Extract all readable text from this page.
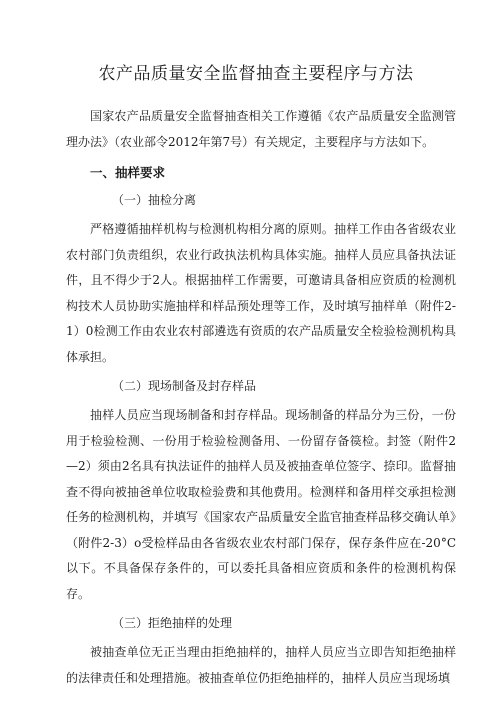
农产品质量安全监督抽查主要程序与方法

国家农产品质量安全监督抽查相关工作遵循《农产品质量安全监测管理办法》（农业部令2012年第7号）有关规定，主要程序与方法如下。

一、抽样要求
（一）抽检分离

严格遵循抽样机构与检测机构相分离的原则。抽样工作由各省级农业农村部门负责组织，农业行政执法机构具体实施。抽样人员应具备执法证件，且不得少于2人。根据抽样工作需要，可邀请具备相应资质的检测机构技术人员协助实施抽样和样品预处理等工作，及时填写抽样单（附件2-1）0检测工作由农业农村部遴选有资质的农产品质量安全检验检测机构具体承担。

（二）现场制备及封存样品

抽样人员应当现场制备和封存样品。现场制备的样品分为三份，一份用于检验检测、一份用于检验检测备用、一份留存备篌检。封签（附件2—2）须由2名具有执法证件的抽样人员及被抽查单位签字、捺印。监督抽查不得向被抽爸单位收取检验费和其他费用。检测样和备用样交承担检测任务的检测机构，并填写《国家农产品质量安全监官抽查样品移交确认单》（附件2-3）o受检样品由各省级农业农村部门保存，保存条件应在-20°C以下。不具备保存条件的，可以委托具备相应资质和条件的检测机构保存。

（三）拒绝抽样的处理

被抽查单位无正当理由拒绝抽样的，抽样人员应当立即告知拒绝抽样的法律责任和处理措施。被抽查单位仍拒绝抽样的，抽样人员应当现场填
